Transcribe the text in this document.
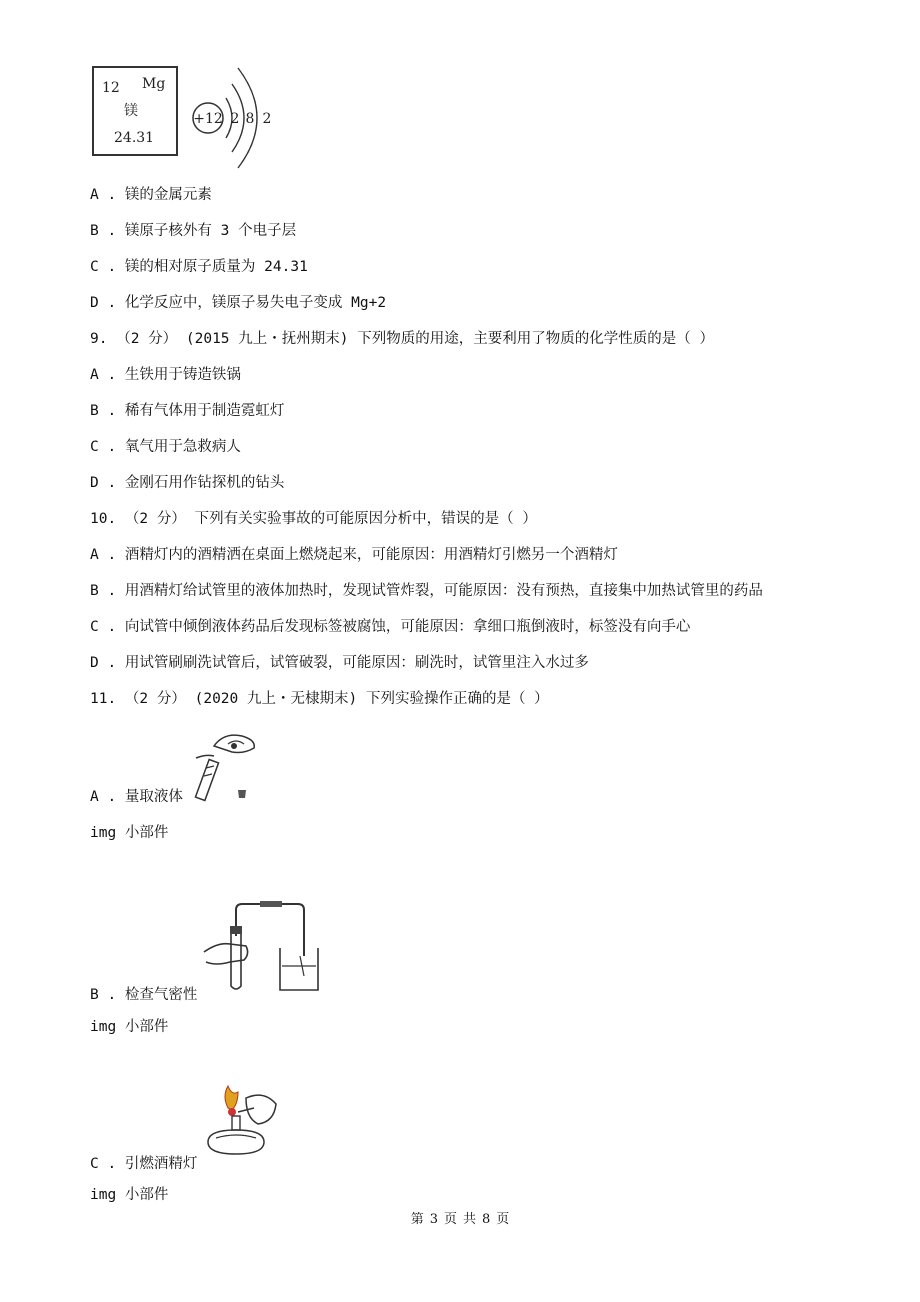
12 Mg
镁
24.31
+12 2 8 2
A . 镁的金属元素
B . 镁原子核外有 3 个电子层
C . 镁的相对原子质量为 24.31
D . 化学反应中，镁原子易失电子变成 Mg+2
9. （2 分） (2015 九上・抚州期末) 下列物质的用途，主要利用了物质的化学性质的是（ ）
A . 生铁用于铸造铁锅
B . 稀有气体用于制造霓虹灯
C . 氧气用于急救病人
D . 金刚石用作钻探机的钻头
10. （2 分） 下列有关实验事故的可能原因分析中，错误的是（ ）
A . 酒精灯内的酒精洒在桌面上燃烧起来，可能原因：用酒精灯引燃另一个酒精灯
B . 用酒精灯给试管里的液体加热时，发现试管炸裂，可能原因：没有预热，直接集中加热试管里的药品
C . 向试管中倾倒液体药品后发现标签被腐蚀，可能原因：拿细口瓶倒液时，标签没有向手心
D . 用试管刷刷洗试管后，试管破裂，可能原因：刷洗时，试管里注入水过多
11. （2 分） (2020 九上・无棣期末) 下列实验操作正确的是（ ）
A . 量取液体
img 小部件
B . 检查气密性
img 小部件
C . 引燃酒精灯
img 小部件
第 3 页 共 8 页
